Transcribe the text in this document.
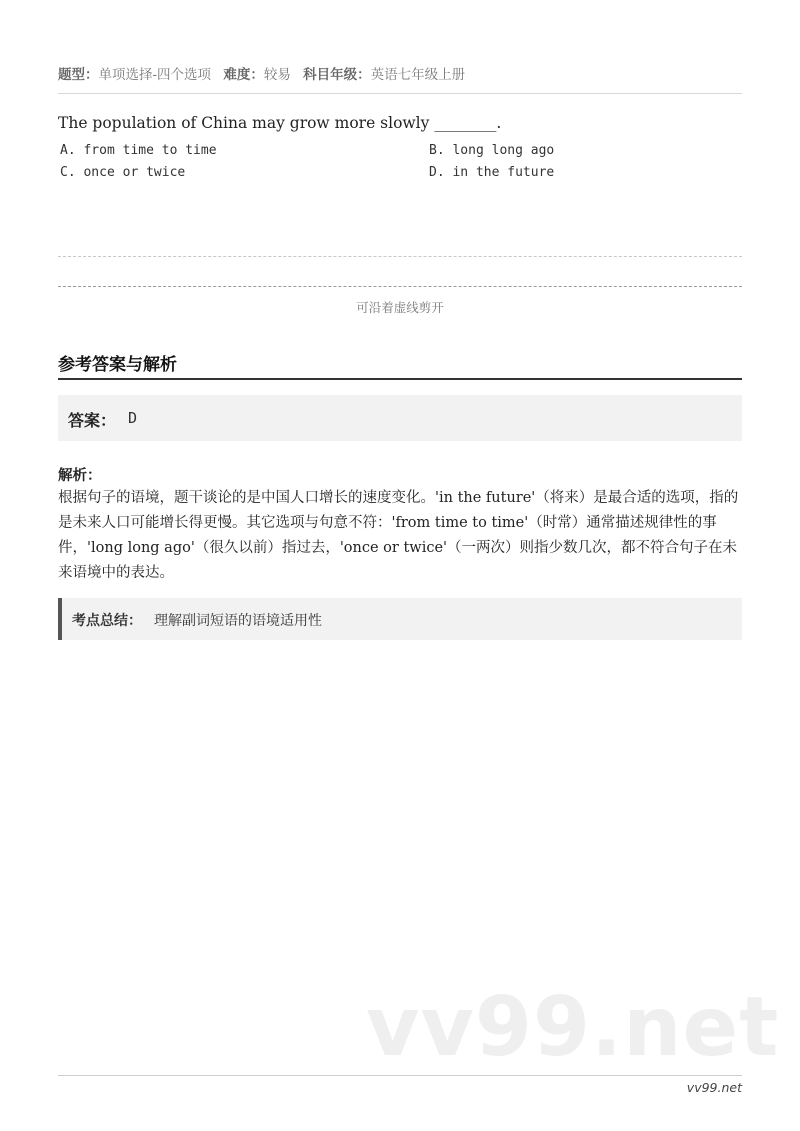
题型：单项选择-四个选项 难度：较易 科目年级：英语七年级上册
The population of China may grow more slowly ________.
A. from time to time	B. long long ago
C. once or twice	D. in the future
可沿着虚线剪开
参考答案与解析
答案： D
解析：
根据句子的语境，题干谈论的是中国人口增长的速度变化。'in the future'（将来）是最合适的选项，指的是未来人口可能增长得更慢。其它选项与句意不符：'from time to time'（时常）通常描述规律性的事件，'long long ago'（很久以前）指过去，'once or twice'（一两次）则指少数几次，都不符合句子在未来语境中的表达。
考点总结： 理解副词短语的语境适用性
vv99.net
vv99.net
